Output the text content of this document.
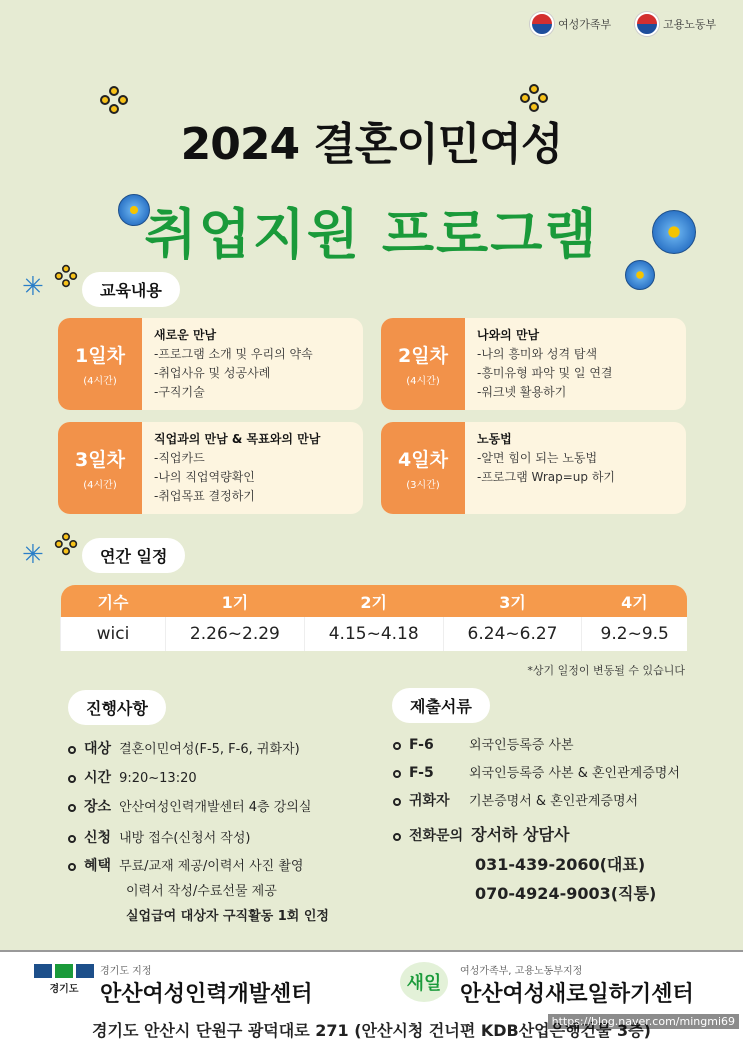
여성가족부	고용노동부
2024 결혼이민여성
취업지원 프로그램
✳	교육내용
1일차
(4시간)
새로운 만남
-프로그램 소개 및 우리의 약속
-취업사유 및 성공사례
-구직기술
2일차
(4시간)
나와의 만남
-나의 흥미와 성격 탐색
-흥미유형 파악 및 일 연결
-워크넷 활용하기
3일차
(4시간)
직업과의 만남 & 목표와의 만남
-직업카드
-나의 직업역량확인
-취업목표 결정하기
4일차
(3시간)
노동법
-알면 힘이 되는 노동법
-프로그램 Wrap=up 하기
✳	연간 일정
기수	1기	2기	3기	4기
wici	2.26~2.29	4.15~4.18	6.24~6.27	9.2~9.5
*상기 일정이 변동될 수 있습니다
진행사항
대상 결혼이민여성(F-5, F-6, 귀화자)
시간 9:20~13:20
장소 안산여성인력개발센터 4층 강의실
신청 내방 접수(신청서 작성)
혜택 무료/교재 제공/이력서 사진 촬영
이력서 작성/수료선물 제공
실업급여 대상자 구직활동 1회 인정
제출서류
F-6	외국인등록증 사본
F-5	외국인등록증 사본 & 혼인관계증명서
귀화자 기본증명서 & 혼인관계증명서
전화문의 장서하 상담사
031-439-2060(대표)
070-4924-9003(직통)
경기도
경기도 지정
안산여성인력개발센터	새일
여성가족부, 고용노동부지정
안산여성새로일하기센터
경기도 안산시 단원구 광덕대로 271 (안산시청 건너편 KDB산업은행건물 3층)
https://blog.naver.com/mingmi69
